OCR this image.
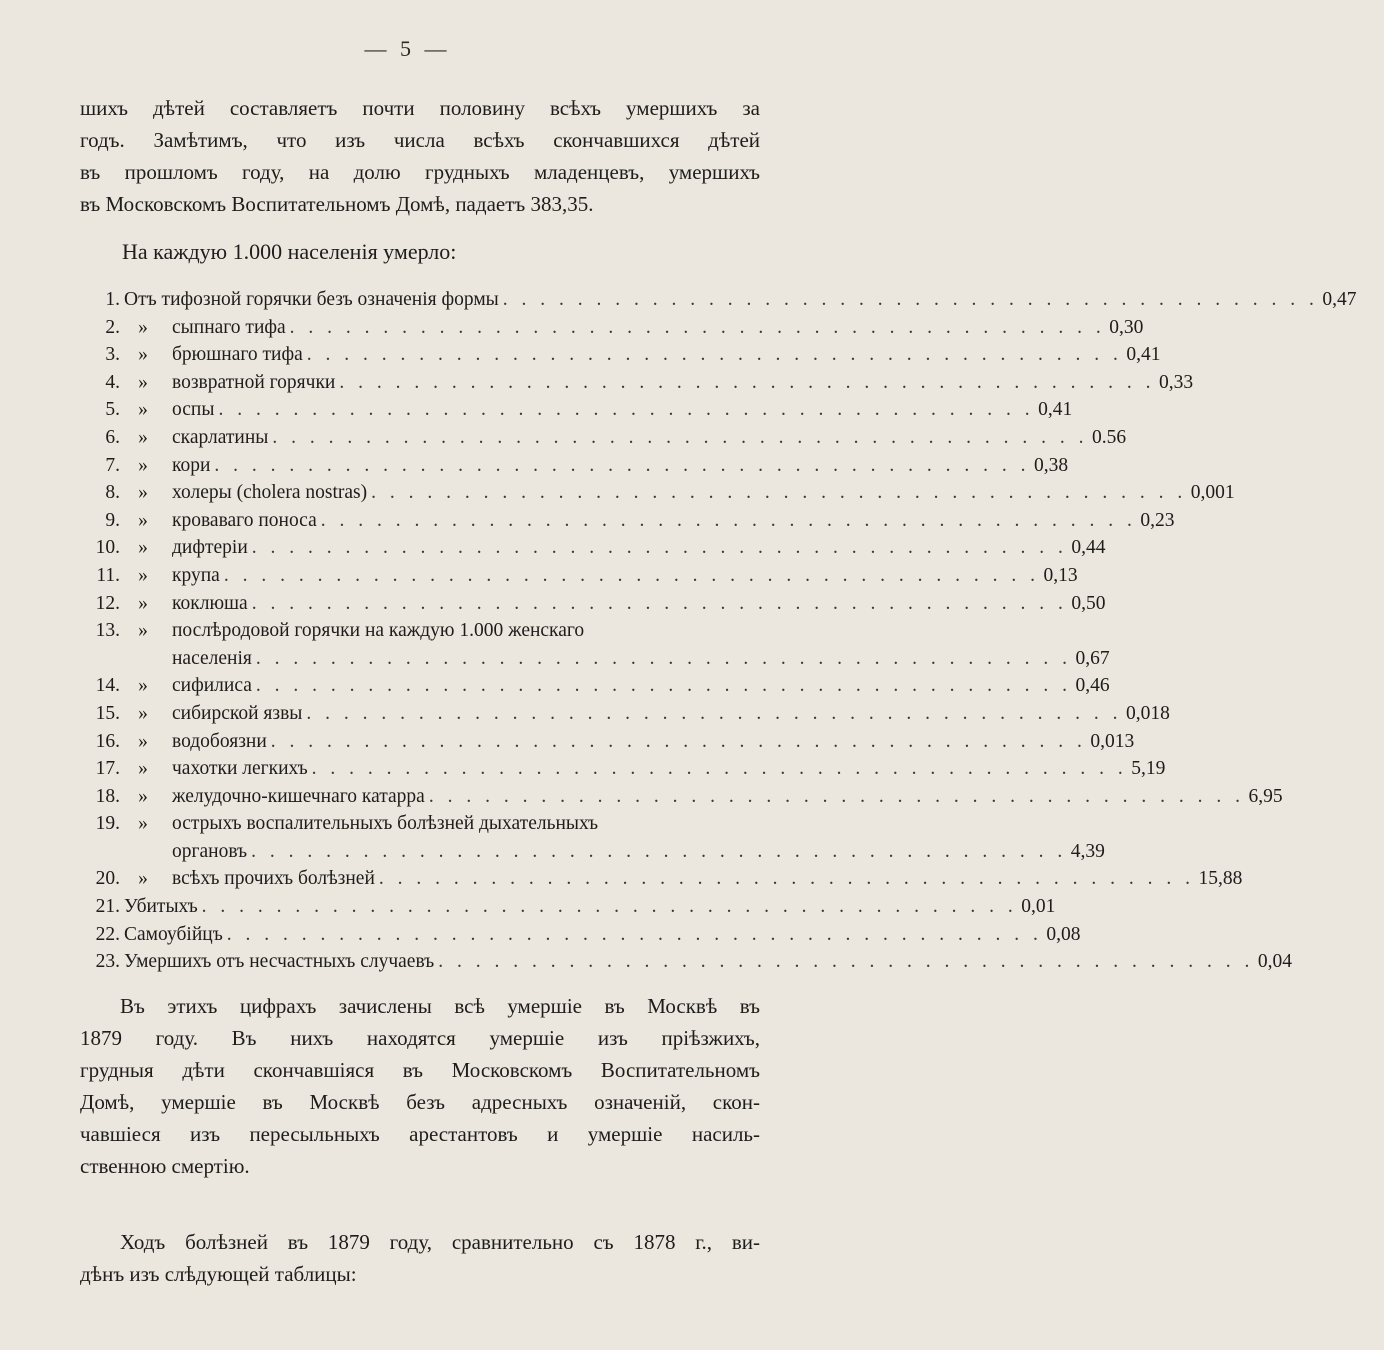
— 5 —

шихъ дѣтей составляетъ почти половину всѣхъ умершихъ за
годъ. Замѣтимъ, что изъ числа всѣхъ скончавшихся дѣтей
въ прошломъ году, на долю грудныхъ младенцевъ, умершихъ
въ Московскомъ Воспитательномъ Домѣ, падаетъ 383,35.

На каждую 1.000 населенія умерло:

1. Отъ тифозной горячки безъ означенія формы . . . . . . . . . . . . . . . . . . . . . . . . . . . . . . . . . . . . . . . . . . . . 0,47
2. » сыпнаго тифа . . . . . . . . . . . . . . . . . . . . . . . . . . . . . . . . . . . . . . . . . . . . 0,30
3. » брюшнаго тифа . . . . . . . . . . . . . . . . . . . . . . . . . . . . . . . . . . . . . . . . . . . . 0,41
4. » возвратной горячки . . . . . . . . . . . . . . . . . . . . . . . . . . . . . . . . . . . . . . . . . . . . 0,33
5. » оспы . . . . . . . . . . . . . . . . . . . . . . . . . . . . . . . . . . . . . . . . . . . . 0,41
6. » скарлатины . . . . . . . . . . . . . . . . . . . . . . . . . . . . . . . . . . . . . . . . . . . . 0.56
7. » кори . . . . . . . . . . . . . . . . . . . . . . . . . . . . . . . . . . . . . . . . . . . . 0,38
8. » холеры (cholera nostras) . . . . . . . . . . . . . . . . . . . . . . . . . . . . . . . . . . . . . . . . . . . . 0,001
9. » кроваваго поноса . . . . . . . . . . . . . . . . . . . . . . . . . . . . . . . . . . . . . . . . . . . . 0,23
10. » дифтеріи . . . . . . . . . . . . . . . . . . . . . . . . . . . . . . . . . . . . . . . . . . . . 0,44
11. » крупа . . . . . . . . . . . . . . . . . . . . . . . . . . . . . . . . . . . . . . . . . . . . 0,13
12. » коклюша . . . . . . . . . . . . . . . . . . . . . . . . . . . . . . . . . . . . . . . . . . . . 0,50
13. » послѣродовой горячки на каждую 1.000 женскаго
населенія . . . . . . . . . . . . . . . . . . . . . . . . . . . . . . . . . . . . . . . . . . . . 0,67
14. » сифилиса . . . . . . . . . . . . . . . . . . . . . . . . . . . . . . . . . . . . . . . . . . . . 0,46
15. » сибирской язвы . . . . . . . . . . . . . . . . . . . . . . . . . . . . . . . . . . . . . . . . . . . . 0,018
16. » водобоязни . . . . . . . . . . . . . . . . . . . . . . . . . . . . . . . . . . . . . . . . . . . . 0,013
17. » чахотки легкихъ . . . . . . . . . . . . . . . . . . . . . . . . . . . . . . . . . . . . . . . . . . . . 5,19
18. » желудочно-кишечнаго катарра . . . . . . . . . . . . . . . . . . . . . . . . . . . . . . . . . . . . . . . . . . . . 6,95
19. » острыхъ воспалительныхъ болѣзней дыхательныхъ
органовъ . . . . . . . . . . . . . . . . . . . . . . . . . . . . . . . . . . . . . . . . . . . . 4,39
20. » всѣхъ прочихъ болѣзней . . . . . . . . . . . . . . . . . . . . . . . . . . . . . . . . . . . . . . . . . . . . 15,88
21. Убитыхъ . . . . . . . . . . . . . . . . . . . . . . . . . . . . . . . . . . . . . . . . . . . . 0,01
22. Самоубійцъ . . . . . . . . . . . . . . . . . . . . . . . . . . . . . . . . . . . . . . . . . . . . 0,08
23. Умершихъ отъ несчастныхъ случаевъ . . . . . . . . . . . . . . . . . . . . . . . . . . . . . . . . . . . . . . . . . . . . 0,04

Въ этихъ цифрахъ зачислены всѣ умершіе въ Москвѣ въ
1879 году. Въ нихъ находятся умершіе изъ пріѣзжихъ,
грудныя дѣти скончавшіяся въ Московскомъ Воспитательномъ
Домѣ, умершіе въ Москвѣ безъ адресныхъ означеній, скон-
чавшіеся изъ пересыльныхъ арестантовъ и умершіе насиль-
ственною смертію.

Ходъ болѣзней въ 1879 году, сравнительно съ 1878 г., ви-
дѣнъ изъ слѣдующей таблицы:
